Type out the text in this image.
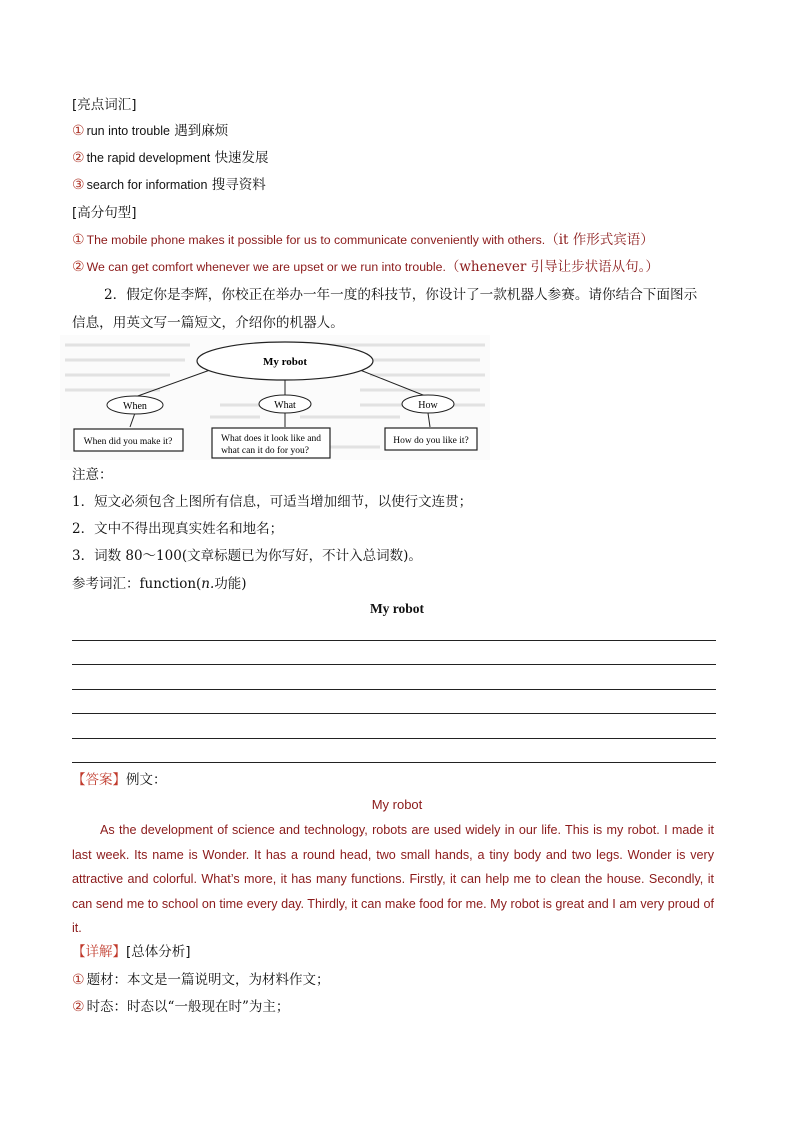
[亮点词汇]
① run into trouble
遇到麻烦
② the rapid development
快速发展
③ search for information
搜寻资料
[高分句型]
① The mobile phone makes it possible for us to communicate conveniently with others. （it 作形式宾语）
② We can get comfort whenever we are upset or we run into trouble. （whenever 引导让步状语从句。）
2．假定你是李辉，你校正在举办一年一度的科技节，你设计了一款机器人参赛。请你结合下面图示
信息，用英文写一篇短文，介绍你的机器人。
My robot
When	What	How
When did you make it?	What does it look like and
what can it do for you?
How do you like it?
注意：
1．短文必须包含上图所有信息，可适当增加细节，以使行文连贯；
2．文中不得出现真实姓名和地名；
3．词数 80～100(文章标题已为你写好，不计入总词数)。
参考词汇：function(n.功能)
My robot
【答案】例文：
My robot
As the development of science and technology, robots are used widely in our life. This is my robot. I made it last week. Its name is Wonder. It has a round head, two small hands, a tiny body and two legs. Wonder is very attractive and colorful. What’s more, it has many functions. Firstly, it can help me to clean the house. Secondly, it can send me to school on time every day. Thirdly, it can make food for me. My robot is great and I am very proud of it.
【详解】[总体分析]
① 题材：本文是一篇说明文，为材料作文；
② 时态：时态以“一般现在时”为主；
